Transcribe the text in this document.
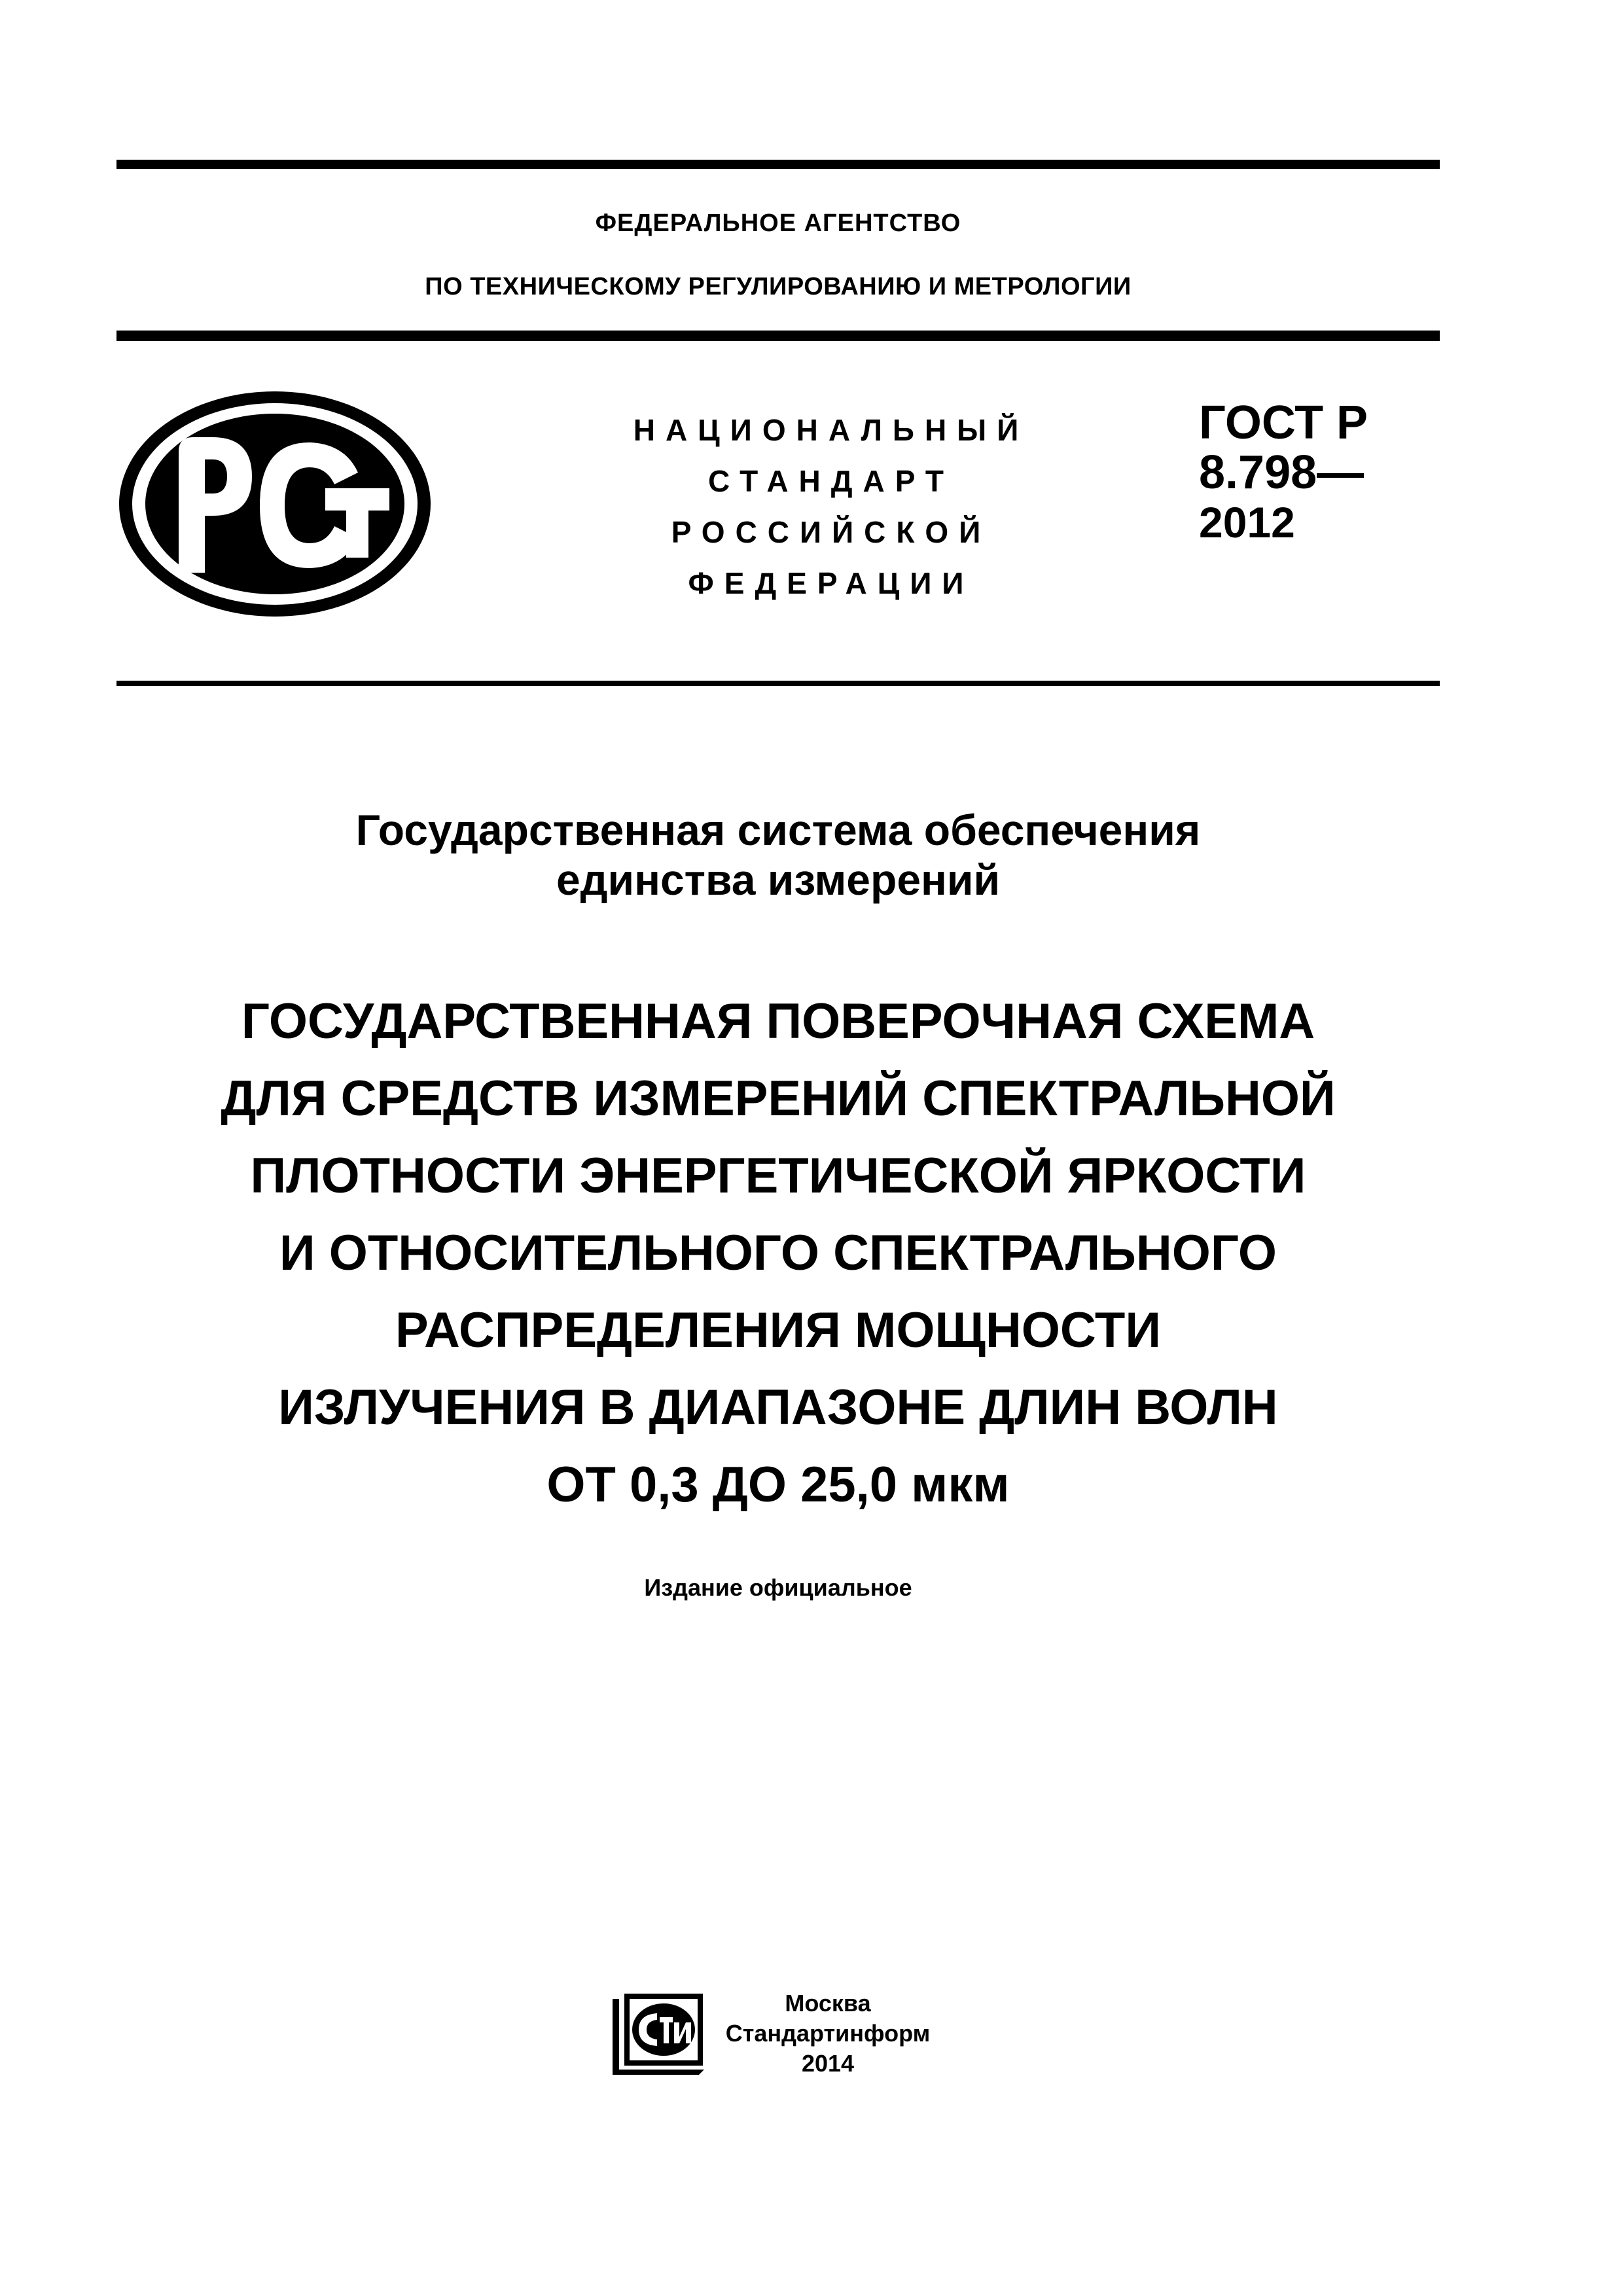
ФЕДЕРАЛЬНОЕ АГЕНТСТВО
ПО ТЕХНИЧЕСКОМУ РЕГУЛИРОВАНИЮ И МЕТРОЛОГИИ
НАЦИОНАЛЬНЫЙ
СТАНДАРТ
РОССИЙСКОЙ
ФЕДЕРАЦИИ
ГОСТ Р
8.798—
2012
Государственная система обеспечения
единства измерений
ГОСУДАРСТВЕННАЯ ПОВЕРОЧНАЯ СХЕМА
ДЛЯ СРЕДСТВ ИЗМЕРЕНИЙ СПЕКТРАЛЬНОЙ
ПЛОТНОСТИ ЭНЕРГЕТИЧЕСКОЙ ЯРКОСТИ
И ОТНОСИТЕЛЬНОГО СПЕКТРАЛЬНОГО
РАСПРЕДЕЛЕНИЯ МОЩНОСТИ
ИЗЛУЧЕНИЯ В ДИАПАЗОНЕ ДЛИН ВОЛН
ОТ 0,3 ДО 25,0 мкм
Издание официальное
Москва
Стандартинформ
2014
